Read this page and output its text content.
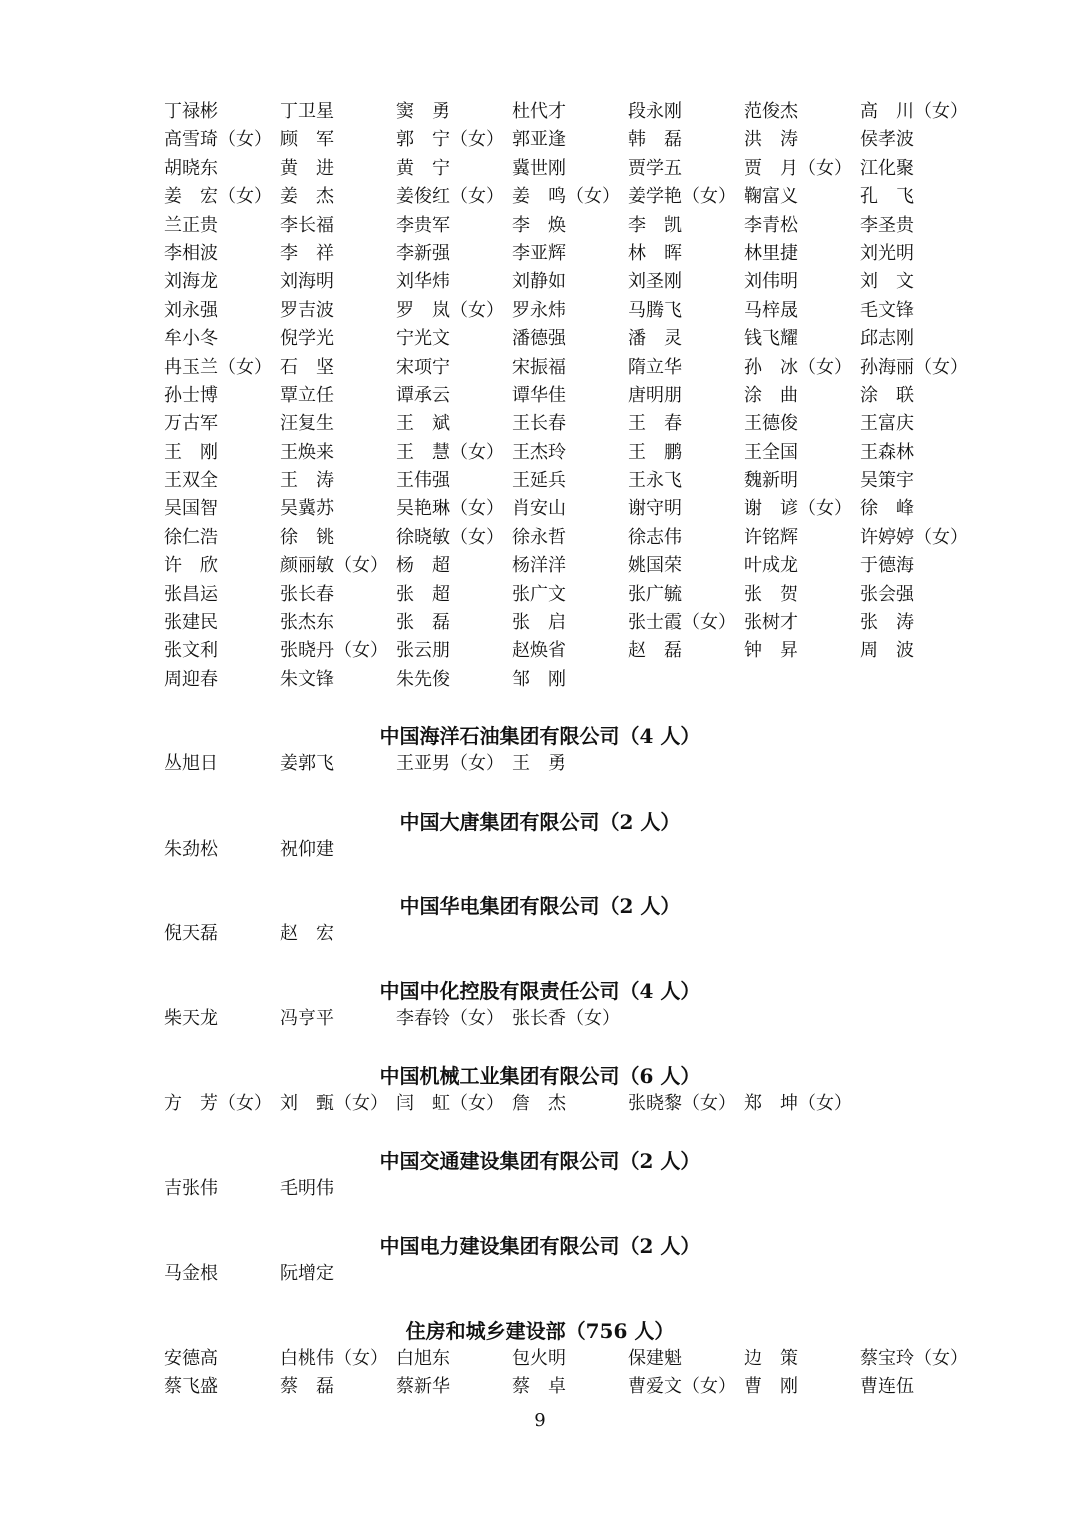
9
丁禄彬	丁卫星	窦　勇	杜代才	段永刚	范俊杰	高　川（女）
高雪琦（女） 顾　军	郭　宁（女） 郭亚逢	韩　磊	洪　涛	侯孝波
胡晓东	黄　进	黄　宁	冀世刚	贾学五	贾　月（女） 江化聚
姜　宏（女） 姜　杰	姜俊红（女） 姜　鸣（女） 姜学艳（女） 鞠富义	孔　飞
兰正贵	李长福	李贵军	李　焕	李　凯	李青松	李圣贵
李相波	李　祥	李新强	李亚辉	林　晖	林里捷	刘光明
刘海龙	刘海明	刘华炜	刘静如	刘圣刚	刘伟明	刘　文
刘永强	罗吉波	罗　岚（女） 罗永炜	马腾飞	马梓晟	毛文锋
牟小冬	倪学光	宁光文	潘德强	潘　灵	钱飞耀	邱志刚
冉玉兰（女） 石　坚	宋项宁	宋振福	隋立华	孙　冰（女） 孙海丽（女）
孙士博	覃立任	谭承云	谭华佳	唐明朋	涂　曲	涂　联
万古军	汪复生	王　斌	王长春	王　春	王德俊	王富庆
王　刚	王焕来	王　慧（女） 王杰玲	王　鹏	王全国	王森林
王双全	王　涛	王伟强	王延兵	王永飞	魏新明	吴策宇
吴国智	吴冀苏	吴艳琳（女） 肖安山	谢守明	谢　谚（女） 徐　峰
徐仁浩	徐　铫	徐晓敏（女） 徐永哲	徐志伟	许铭辉	许婷婷（女）
许　欣	颜丽敏（女） 杨　超	杨洋洋	姚国荣	叶成龙	于德海
张昌运	张长春	张　超	张广文	张广毓	张　贺	张会强
张建民	张杰东	张　磊	张　启	张士霞（女） 张树才	张　涛
张文利	张晓丹（女） 张云朋	赵焕省	赵　磊	钟　昇	周　波
周迎春	朱文锋	朱先俊	邹　刚
中国海洋石油集团有限公司（4 人）
丛旭日	姜郭飞	王亚男（女） 王　勇
中国大唐集团有限公司（2 人）
朱劲松	祝仰建
中国华电集团有限公司（2 人）
倪天磊	赵　宏
中国中化控股有限责任公司（4 人）
柴天龙	冯亨平	李春铃（女） 张长香（女）
中国机械工业集团有限公司（6 人）
方　芳（女） 刘　甄（女） 闫　虹（女） 詹　杰	张晓黎（女） 郑　坤（女）
中国交通建设集团有限公司（2 人）
吉张伟	毛明伟
中国电力建设集团有限公司（2 人）
马金根	阮增定
住房和城乡建设部（756 人）
安德高	白桃伟（女） 白旭东	包火明	保建魁	边　策	蔡宝玲（女）
蔡飞盛	蔡　磊	蔡新华	蔡　卓	曹爱文（女） 曹　刚	曹连伍
